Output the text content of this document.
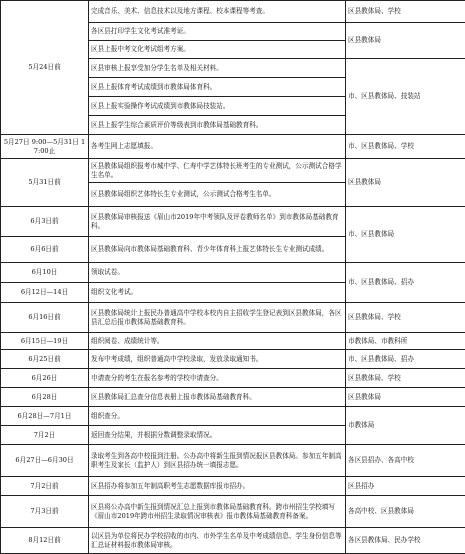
5月24日前	完成音乐、美术、信息技术以及地方课程、校本课程等考查。	区县教体局、学校
	各区县打印学生文化考试准考证。	区县教体局
	区县上报中考文化考试组考方案。	
	区县审核上报享受加分学生名单及相关材料。	市、区县教体局、技装站
	区县上报体育考试成绩到市教体局体育科。	
	区县上报实验操作考试成绩到市教体局技装站。	
	区县上报学生综合素质评价等级表到市教体局基础教育科。	
5月27日 9:00—5月31日 17:00止	各考生网上志愿填报。	市、区县教体局、学校
5月31日前	区县教体局组织报考市城中学、仁寿中学艺体特长班考生的专业测试，公示测试合格学生名单。	区县教体局
	区县教体局组织艺体特长生专业测试，公示测试合格考生名单。	
6月3日前	区县教体局审核报送《眉山市2019年中考领队及评卷教师名单》到市教体局基础教育科。	市、区县教体局
6月6日前	区县教体局向市教体局基础教育科、青少年体育科上报艺体特长生专业测试成绩。	
6月10日	领取试卷。	市、区县教体局、招办
6月12日—14日	组织文化考试。	
6月16日前	区县教体局统计上报民办普通高中学校本校内自主招收学生登记表到区县教体局，各区县汇总后报市教体局基础教育科。	区县教体局、学校
6月15日—19日	组织阅卷、成绩统计等。	市教体局、市教科所
6月25日前	发布中考成绩，组织普通高中学校录取，发放录取通知书。	市、区县教体局、招办
6月26日	申请查分的考生在报名参考的学校申请查分。	区县教体局、学校
6月28日	区县教体局汇总查分信息表册上报市教体局基础教育科。	区县教体局
6月28日—7月1日	组织查分。	市教体局
7月2日	返回查分结果，并根据分数调整录取情况。	
6月27日—6月30日	录取考生到各高中校报到注册。公办高中将新生报到情况报区县教体局。参加五年制高职考生及家长（监护人）到区县招办统一填报志愿。	各区县招办、各高中校
7月2日前	区县招办将参加五年制高职考生志愿数据库报市招办。	区县招办
7月3日前	区县将公办高中新生报到情况汇总上报到市教体局基础教育科。跨市州招生学校填写《眉山市2019年跨市州招生录取情况审核表》报市教体局基础教育科备案。	各高中校、区县教体局
8月12日前	以区县为单位将民办学校招收的市内、市外学生名单及中考成绩信息、学生身份信息等汇总证材料报市教体局审核。	各区县教体局、民办学校
